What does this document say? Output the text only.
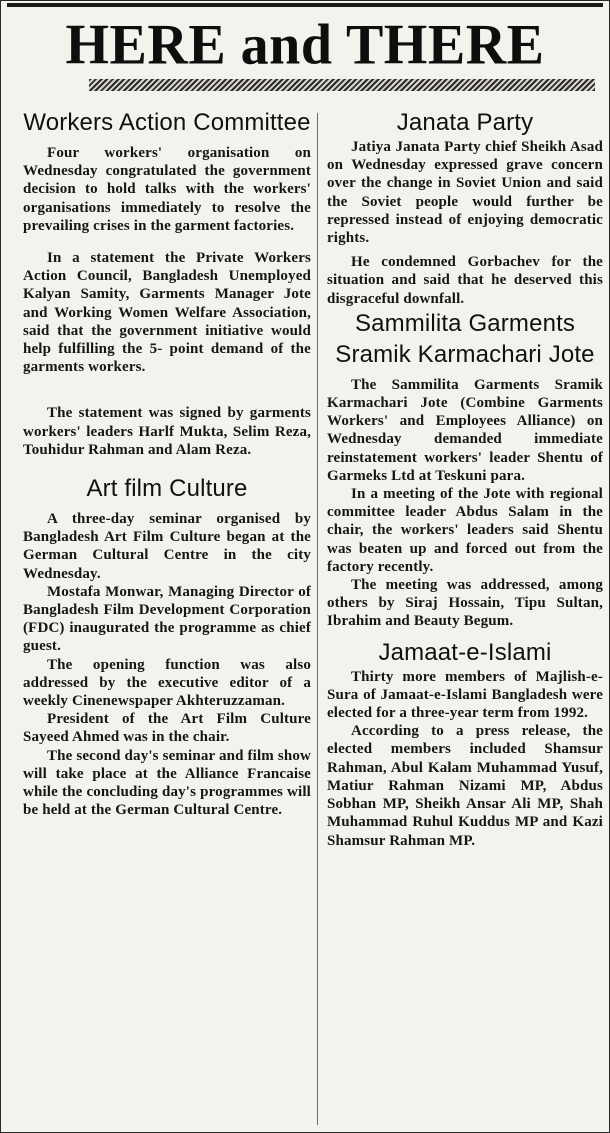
HERE and THERE
Workers Action Committee

Four workers' organisation on Wednesday congratulated the government decision to hold talks with the workers' organisations immediately to resolve the prevailing crises in the garment factories.

In a statement the Private Workers Action Council, Bangladesh Unemployed Kalyan Samity, Garments Manager Jote and Working Women Welfare Association, said that the government initiative would help fulfilling the 5- point demand of the garments workers.

The statement was signed by garments workers' leaders Harlf Mukta, Selim Reza, Touhidur Rahman and Alam Reza.

Art film Culture

A three-day seminar organised by Bangladesh Art Film Culture began at the German Cultural Centre in the city Wednesday.

Mostafa Monwar, Managing Director of Bangladesh Film Development Corporation (FDC) inaugurated the programme as chief guest.

The opening function was also addressed by the executive editor of a weekly Cinenewspaper Akhteruzzaman.

President of the Art Film Culture Sayeed Ahmed was in the chair.

The second day's seminar and film show will take place at the Alliance Francaise while the concluding day's programmes will be held at the German Cultural Centre.

Janata Party

Jatiya Janata Party chief Sheikh Asad on Wednesday expressed grave concern over the change in Soviet Union and said the Soviet people would further be repressed instead of enjoying democratic rights.

He condemned Gorbachev for the situation and said that he deserved this disgraceful downfall.

Sammilita Garments Sramik Karmachari Jote

The Sammilita Garments Sramik Karmachari Jote (Combine Garments Workers' and Employees Alliance) on Wednesday demanded immediate reinstatement workers' leader Shentu of Garmeks Ltd at Teskuni para.

In a meeting of the Jote with regional committee leader Abdus Salam in the chair, the workers' leaders said Shentu was beaten up and forced out from the factory recently.

The meeting was addressed, among others by Siraj Hossain, Tipu Sultan, Ibrahim and Beauty Begum.

Jamaat-e-Islami

Thirty more members of Majlish-e-Sura of Jamaat-e-Islami Bangladesh were elected for a three-year term from 1992.

According to a press release, the elected members included Shamsur Rahman, Abul Kalam Muhammad Yusuf, Matiur Rahman Nizami MP, Abdus Sobhan MP, Sheikh Ansar Ali MP, Shah Muhammad Ruhul Kuddus MP and Kazi Shamsur Rahman MP.
